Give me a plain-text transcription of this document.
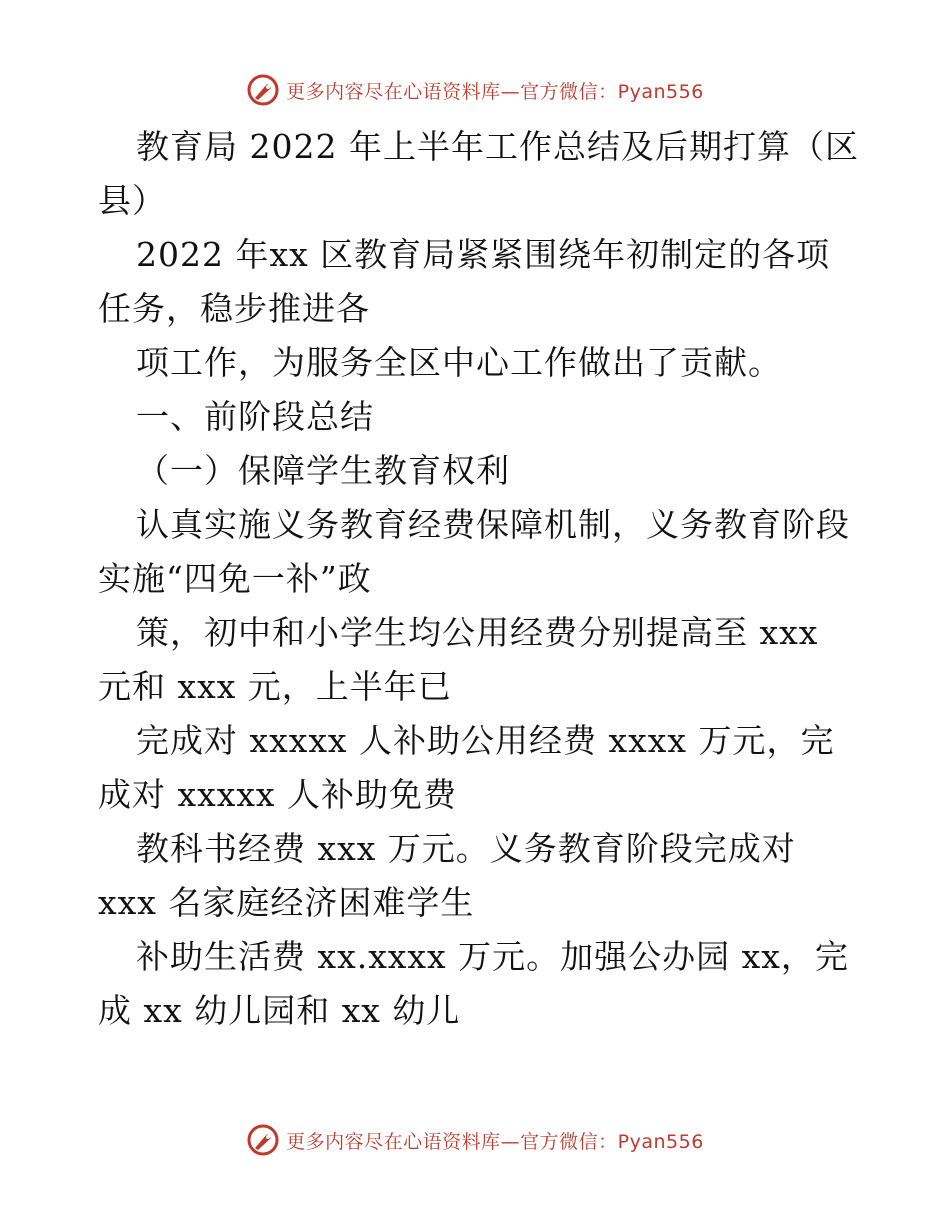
更多内容尽在心语资料库—官方微信：Pyan556
教育局 2022 年上半年工作总结及后期打算（区
县）
2022 年xx 区教育局紧紧围绕年初制定的各项
任务，稳步推进各
项工作，为服务全区中心工作做出了贡献。
一、前阶段总结
（一）保障学生教育权利
认真实施义务教育经费保障机制，义务教育阶段
实施“四免一补”政
策，初中和小学生均公用经费分别提高至 xxx
元和 xxx 元，上半年已
完成对 xxxxx 人补助公用经费 xxxx 万元，完
成对 xxxxx 人补助免费
教科书经费 xxx 万元。义务教育阶段完成对
xxx 名家庭经济困难学生
补助生活费 xx.xxxx 万元。加强公办园 xx，完
成 xx 幼儿园和 xx 幼儿
更多内容尽在心语资料库—官方微信：Pyan556
